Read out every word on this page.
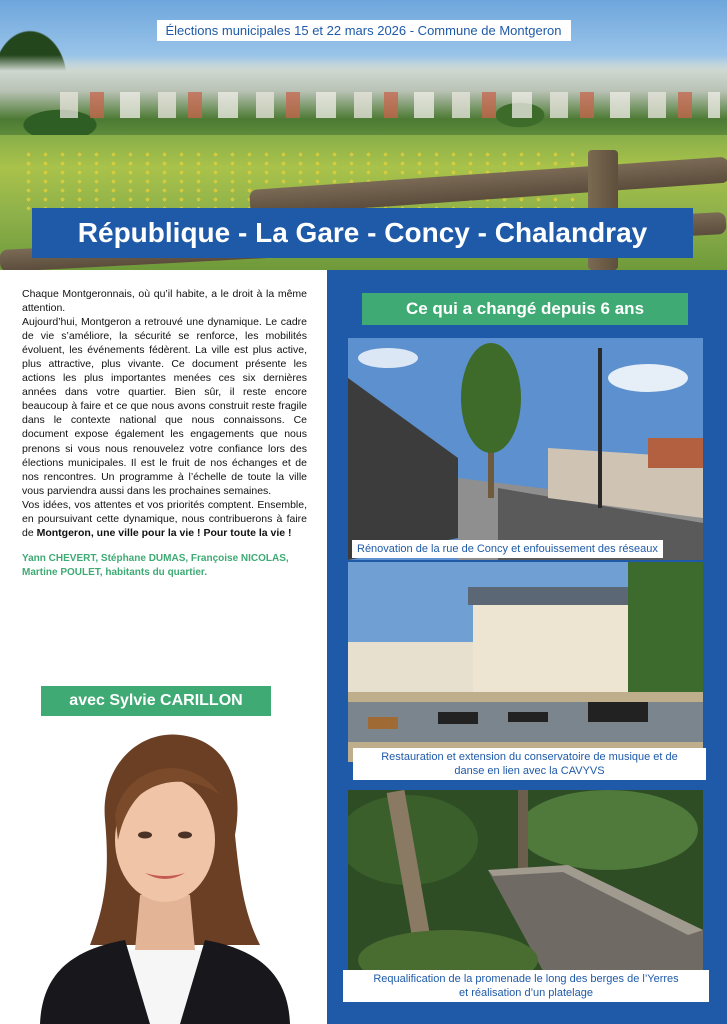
Élections municipales 15 et 22 mars 2026 - Commune de Montgeron
République - La Gare - Concy - Chalandray

Chaque Montgeronnais, où qu’il habite, a le droit à la même attention.

Aujourd’hui, Montgeron a retrouvé une dynamique. Le cadre de vie s’améliore, la sécurité se renforce, les mobilités évoluent, les événements fédèrent. La ville est plus active, plus attractive, plus vivante. Ce document présente les actions les plus importantes menées ces six dernières années dans votre quartier. Bien sûr, il reste encore beaucoup à faire et ce que nous avons construit reste fragile dans le contexte national que nous connaissons. Ce document expose également les engagements que nous prenons si vous nous renouvelez votre confiance lors des élections municipales. Il est le fruit de nos échanges et de nos rencontres. Un programme à l’échelle de toute la ville vous parviendra aussi dans les prochaines semaines.

Vos idées, vos attentes et vos priorités comptent. Ensemble, en poursuivant cette dynamique, nous contribuerons à faire de Montgeron, une ville pour la vie ! Pour toute la vie !

Yann CHEVERT, Stéphane DUMAS, Françoise NICOLAS, Martine POULET, habitants du quartier.
avec Sylvie CARILLON
Ce qui a changé depuis 6 ans
Rénovation de la rue de Concy et enfouissement des réseaux
Restauration et extension du conservatoire de musique et de
danse en lien avec la CAVYVS
Requalification de la promenade le long des berges de l’Yerres
et réalisation d’un platelage
